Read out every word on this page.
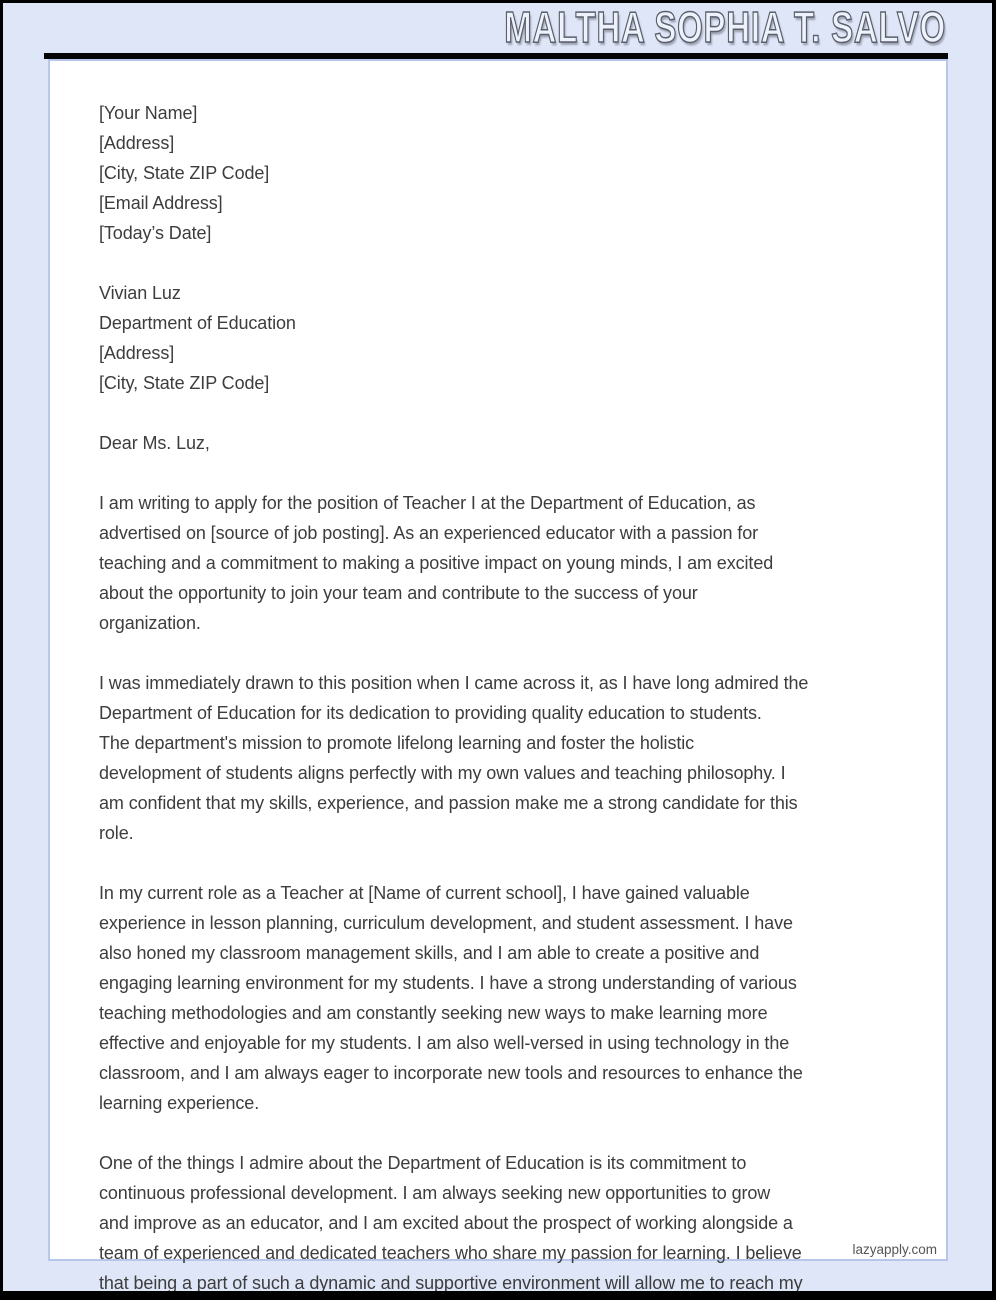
MALTHA SOPHIA T. SALVO
[Your Name]
[Address]
[City, State ZIP Code]
[Email Address]
[Today’s Date]
Vivian Luz
Department of Education
[Address]
[City, State ZIP Code]
Dear Ms. Luz,
I am writing to apply for the position of Teacher I at the Department of Education, as
advertised on [source of job posting]. As an experienced educator with a passion for
teaching and a commitment to making a positive impact on young minds, I am excited
about the opportunity to join your team and contribute to the success of your
organization.
I was immediately drawn to this position when I came across it, as I have long admired the
Department of Education for its dedication to providing quality education to students.
The department's mission to promote lifelong learning and foster the holistic
development of students aligns perfectly with my own values and teaching philosophy. I
am confident that my skills, experience, and passion make me a strong candidate for this
role.
In my current role as a Teacher at [Name of current school], I have gained valuable
experience in lesson planning, curriculum development, and student assessment. I have
also honed my classroom management skills, and I am able to create a positive and
engaging learning environment for my students. I have a strong understanding of various
teaching methodologies and am constantly seeking new ways to make learning more
effective and enjoyable for my students. I am also well-versed in using technology in the
classroom, and I am always eager to incorporate new tools and resources to enhance the
learning experience.
One of the things I admire about the Department of Education is its commitment to
continuous professional development. I am always seeking new opportunities to grow
and improve as an educator, and I am excited about the prospect of working alongside a
team of experienced and dedicated teachers who share my passion for learning. I believe
that being a part of such a dynamic and supportive environment will allow me to reach my
lazyapply.com
